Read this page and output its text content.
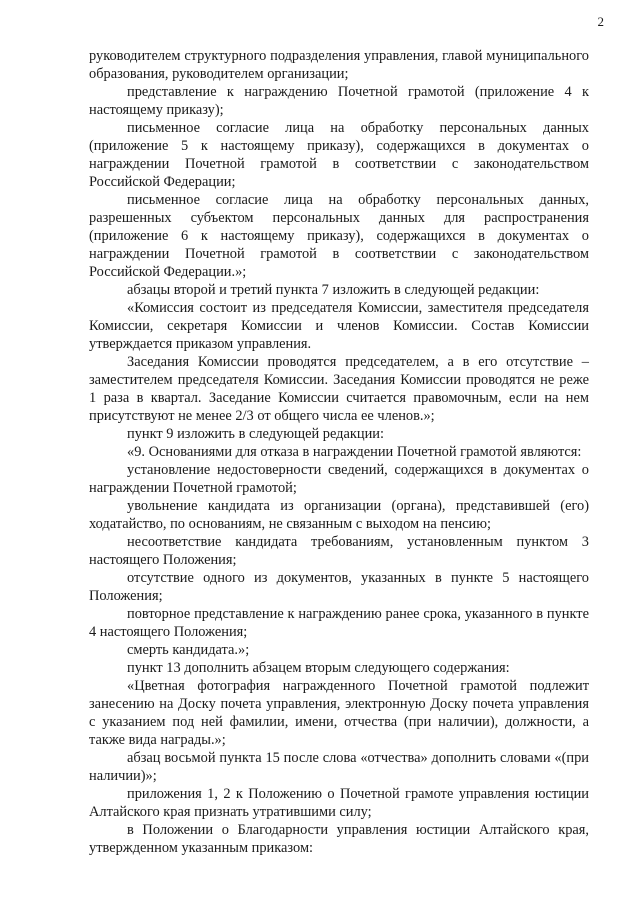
2

руководителем структурного подразделения управления, главой муниципального образования, руководителем организации;

представление к награждению Почетной грамотой (приложение 4 к настоящему приказу);

письменное согласие лица на обработку персональных данных (приложение 5 к настоящему приказу), содержащихся в документах о награждении Почетной грамотой в соответствии с законодательством Российской Федерации;

письменное согласие лица на обработку персональных данных, разрешенных субъектом персональных данных для распространения (приложение 6 к настоящему приказу), содержащихся в документах о награждении Почетной грамотой в соответствии с законодательством Российской Федерации.»;

абзацы второй и третий пункта 7 изложить в следующей редакции:

«Комиссия состоит из председателя Комиссии, заместителя председателя Комиссии, секретаря Комиссии и членов Комиссии. Состав Комиссии утверждается приказом управления.

Заседания Комиссии проводятся председателем, а в его отсутствие – заместителем председателя Комиссии. Заседания Комиссии проводятся не реже 1 раза в квартал. Заседание Комиссии считается правомочным, если на нем присутствуют не менее 2/3 от общего числа ее членов.»;

пункт 9 изложить в следующей редакции:

«9. Основаниями для отказа в награждении Почетной грамотой являются:

установление недостоверности сведений, содержащихся в документах о награждении Почетной грамотой;

увольнение кандидата из организации (органа), представившей (его) ходатайство, по основаниям, не связанным с выходом на пенсию;

несоответствие кандидата требованиям, установленным пунктом 3 настоящего Положения;

отсутствие одного из документов, указанных в пункте 5 настоящего Положения;

повторное представление к награждению ранее срока, указанного в пункте 4 настоящего Положения;

смерть кандидата.»;

пункт 13 дополнить абзацем вторым следующего содержания:

«Цветная фотография награжденного Почетной грамотой подлежит занесению на Доску почета управления, электронную Доску почета управления с указанием под ней фамилии, имени, отчества (при наличии), должности, а также вида награды.»;

абзац восьмой пункта 15 после слова «отчества» дополнить словами «(при наличии)»;

приложения 1, 2 к Положению о Почетной грамоте управления юстиции Алтайского края признать утратившими силу;

в Положении о Благодарности управления юстиции Алтайского края, утвержденном указанным приказом:
